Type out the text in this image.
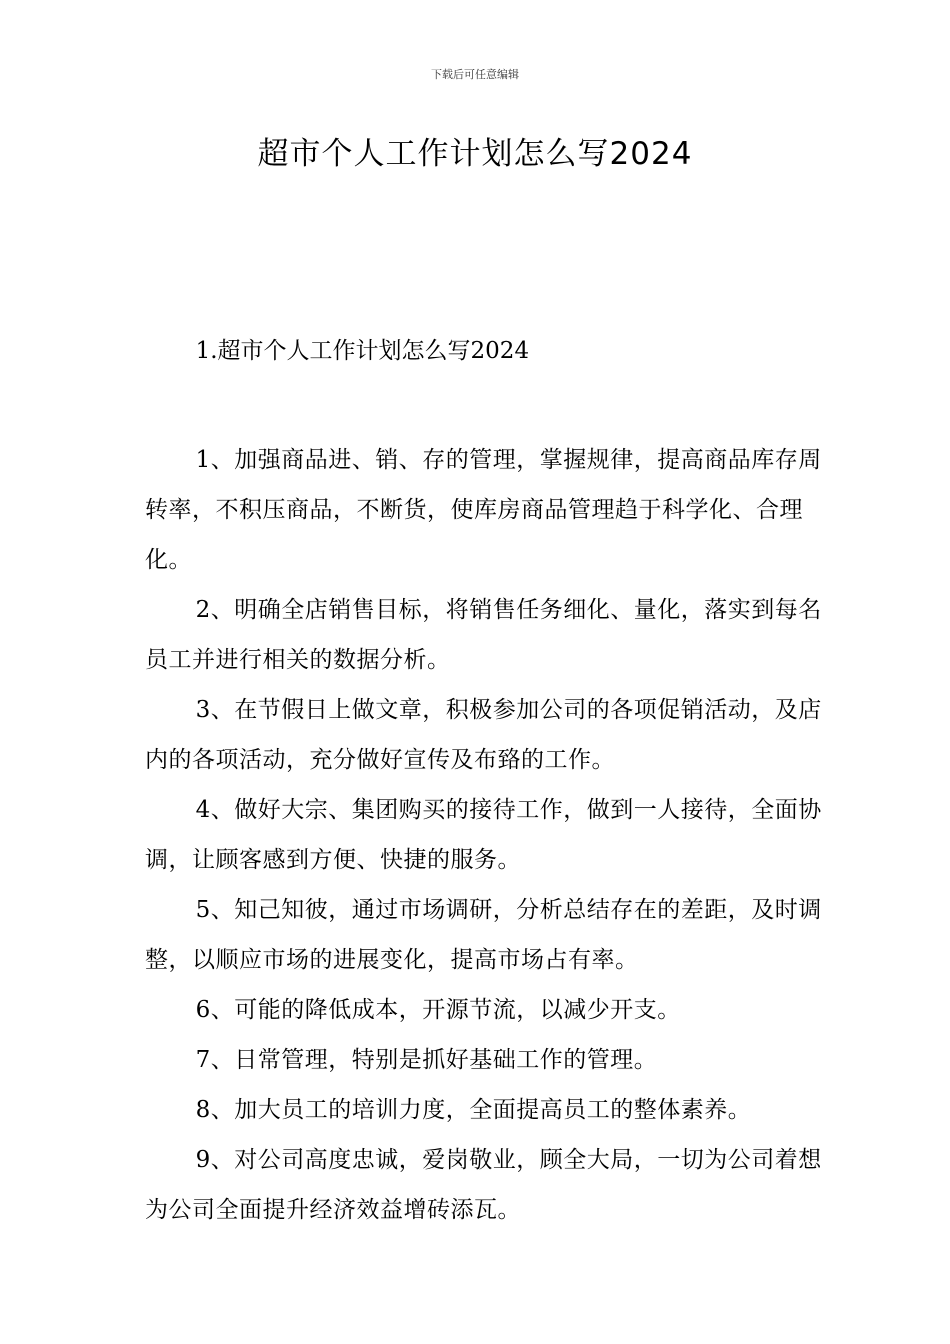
下载后可任意编辑
超市个人工作计划怎么写2024

1.超市个人工作计划怎么写2024

1、加强商品进、销、存的管理，掌握规律，提高商品库存周转率，不积压商品，不断货，使库房商品管理趋于科学化、合理化。

2、明确全店销售目标，将销售任务细化、量化，落实到每名员工并进行相关的数据分析。

3、在节假日上做文章，积极参加公司的各项促销活动，及店内的各项活动，充分做好宣传及布臵的工作。

4、做好大宗、集团购买的接待工作，做到一人接待，全面协调，让顾客感到方便、快捷的服务。

5、知己知彼，通过市场调研，分析总结存在的差距，及时调整，以顺应市场的进展变化，提高市场占有率。

6、可能的降低成本，开源节流，以减少开支。

7、日常管理，特别是抓好基础工作的管理。

8、加大员工的培训力度，全面提高员工的整体素养。

9、对公司高度忠诚，爱岗敬业，顾全大局，一切为公司着想为公司全面提升经济效益增砖添瓦。
